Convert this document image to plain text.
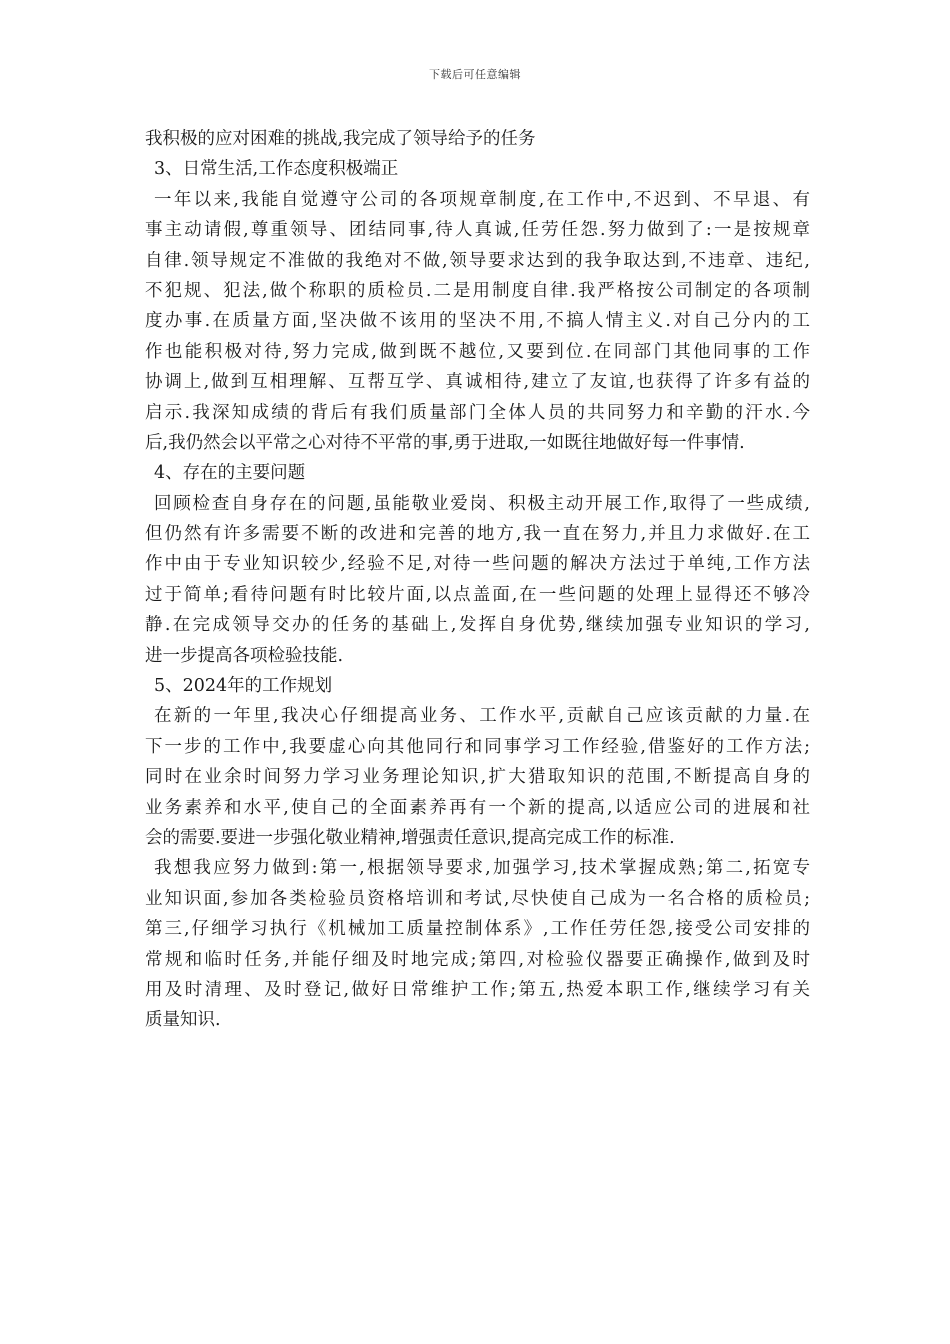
下载后可任意编辑
我积极的应对困难的挑战,我完成了领导给予的任务
3、日常生活,工作态度积极端正
一年以来,我能自觉遵守公司的各项规章制度,在工作中,不迟到、不早退、有
事主动请假,尊重领导、团结同事,待人真诚,任劳任怨.努力做到了:一是按规章
自律.领导规定不准做的我绝对不做,领导要求达到的我争取达到,不违章、违纪,
不犯规、犯法,做个称职的质检员.二是用制度自律.我严格按公司制定的各项制
度办事.在质量方面,坚决做不该用的坚决不用,不搞人情主义.对自己分内的工
作也能积极对待,努力完成,做到既不越位,又要到位.在同部门其他同事的工作
协调上,做到互相理解、互帮互学、真诚相待,建立了友谊,也获得了许多有益的
启示.我深知成绩的背后有我们质量部门全体人员的共同努力和辛勤的汗水.今
后,我仍然会以平常之心对待不平常的事,勇于进取,一如既往地做好每一件事情.
4、存在的主要问题
回顾检查自身存在的问题,虽能敬业爱岗、积极主动开展工作,取得了一些成绩,
但仍然有许多需要不断的改进和完善的地方,我一直在努力,并且力求做好.在工
作中由于专业知识较少,经验不足,对待一些问题的解决方法过于单纯,工作方法
过于简单;看待问题有时比较片面,以点盖面,在一些问题的处理上显得还不够冷
静.在完成领导交办的任务的基础上,发挥自身优势,继续加强专业知识的学习,
进一步提高各项检验技能.
5、2024年的工作规划
在新的一年里,我决心仔细提高业务、工作水平,贡献自己应该贡献的力量.在
下一步的工作中,我要虚心向其他同行和同事学习工作经验,借鉴好的工作方法;
同时在业余时间努力学习业务理论知识,扩大猎取知识的范围,不断提高自身的
业务素养和水平,使自己的全面素养再有一个新的提高,以适应公司的进展和社
会的需要.要进一步强化敬业精神,增强责任意识,提高完成工作的标准.
我想我应努力做到:第一,根据领导要求,加强学习,技术掌握成熟;第二,拓宽专
业知识面,参加各类检验员资格培训和考试,尽快使自己成为一名合格的质检员;
第三,仔细学习执行《机械加工质量控制体系》,工作任劳任怨,接受公司安排的
常规和临时任务,并能仔细及时地完成;第四,对检验仪器要正确操作,做到及时
用及时清理、及时登记,做好日常维护工作;第五,热爱本职工作,继续学习有关
质量知识.
